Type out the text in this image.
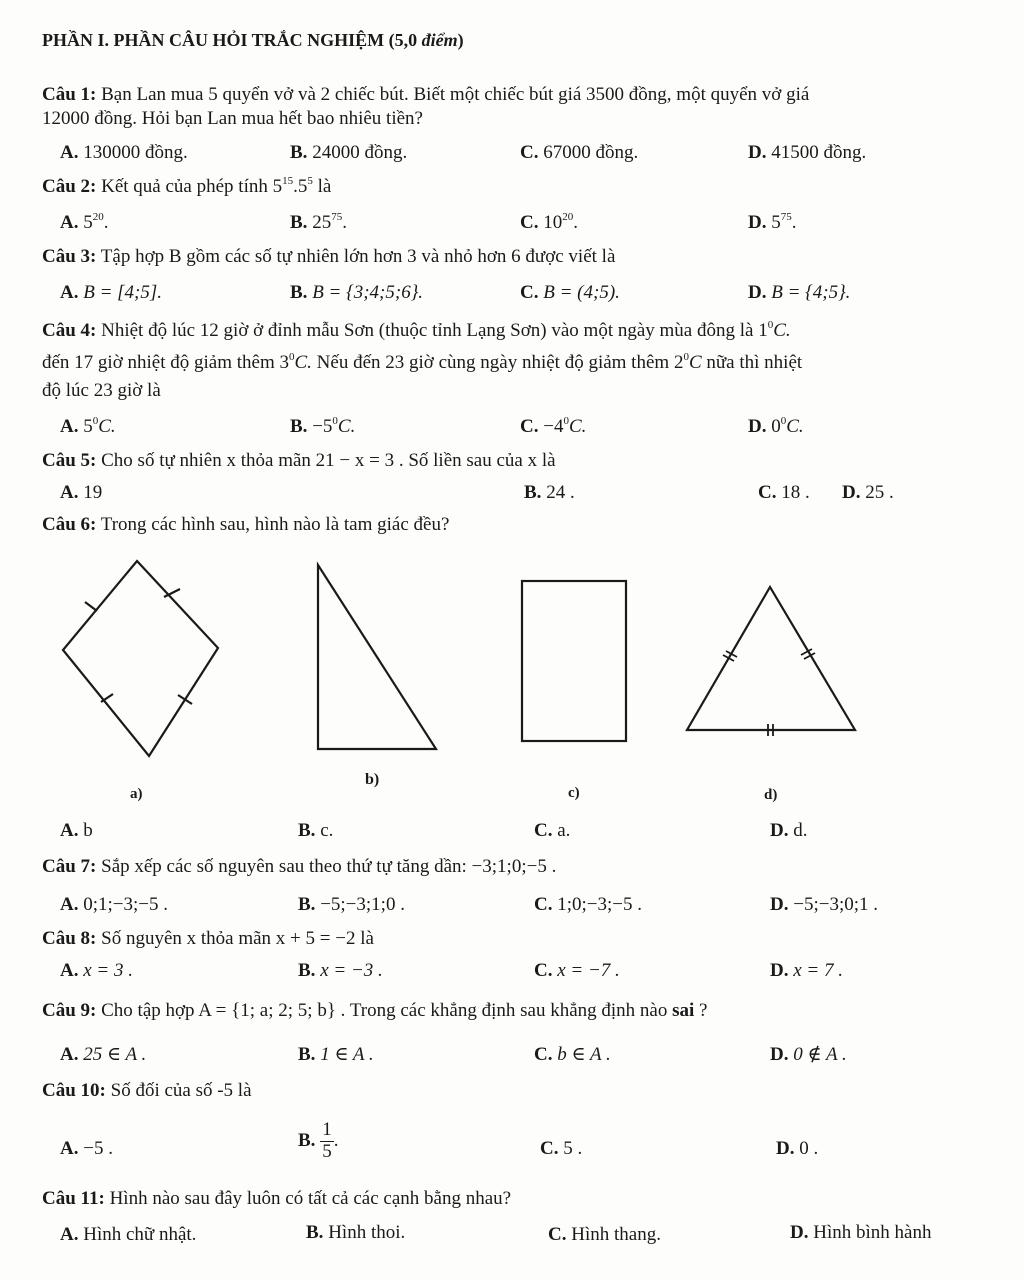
PHẦN I. PHẦN CÂU HỎI TRẮC NGHIỆM (5,0 điểm)
Câu 1: Bạn Lan mua 5 quyển vở và 2 chiếc bút. Biết một chiếc bút giá 3500 đồng, một quyển vở giá
12000 đồng. Hỏi bạn Lan mua hết bao nhiêu tiền?
A. 130000 đồng.	B. 24000 đồng.	C. 67000 đồng.	D. 41500 đồng.
Câu 2: Kết quả của phép tính $5^{15}.5^5$ là
A. $5^{20}$.	B. $25^{75}$.	C. $10^{20}$.	D. $5^{75}$.
Câu 3: Tập hợp B gồm các số tự nhiên lớn hơn 3 và nhỏ hơn 6 được viết là
A. B = [4;5].	B. B = {3;4;5;6}.	C. B = (4;5).	D. B = {4;5}.
Câu 4: Nhiệt độ lúc 12 giờ ở đỉnh mẫu Sơn (thuộc tỉnh Lạng Sơn) vào một ngày mùa đông là $1^0C$.
đến 17 giờ nhiệt độ giảm thêm $3^0C$. Nếu đến 23 giờ cùng ngày nhiệt độ giảm thêm $2^0C$ nữa thì nhiệt
độ lúc 23 giờ là
A. $5^0C$.	B. $-5^0C$.	C. $-4^0C$.	D. $0^0C$.
Câu 5: Cho số tự nhiên x thỏa mãn 21 − x = 3 . Số liền sau của x là
A. 19	B. 24 .	C. 18 . D. 25 .
Câu 6: Trong các hình sau, hình nào là tam giác đều?
a)
b)
c)	d)
A. b	B. c.	C. a.	D. d.
Câu 7: Sắp xếp các số nguyên sau theo thứ tự tăng dần: −3;1;0;−5 .
A. 0;1;−3;−5 .	B. −5;−3;1;0 .	C. 1;0;−3;−5 .	D. −5;−3;0;1 .
Câu 8: Số nguyên x thỏa mãn x + 5 = −2 là
A. x = 3 .	B. x = −3 .	C. x = −7 .	D. x = 7 .
Câu 9: Cho tập hợp A = {1; a; 2; 5; b} . Trong các khẳng định sau khẳng định nào sai ?
A. 25 ∈ A .	B. 1 ∈ A .	C. b ∈ A .	D. 0 ∉ A .
Câu 10: Số đối của số -5 là
A. −5 .	B. $\frac{1}{5}$ .	C. 5 .	D. 0 .
Câu 11: Hình nào sau đây luôn có tất cả các cạnh bằng nhau?
A. Hình chữ nhật.	B. Hình thoi.	C. Hình thang.	D. Hình bình hành
